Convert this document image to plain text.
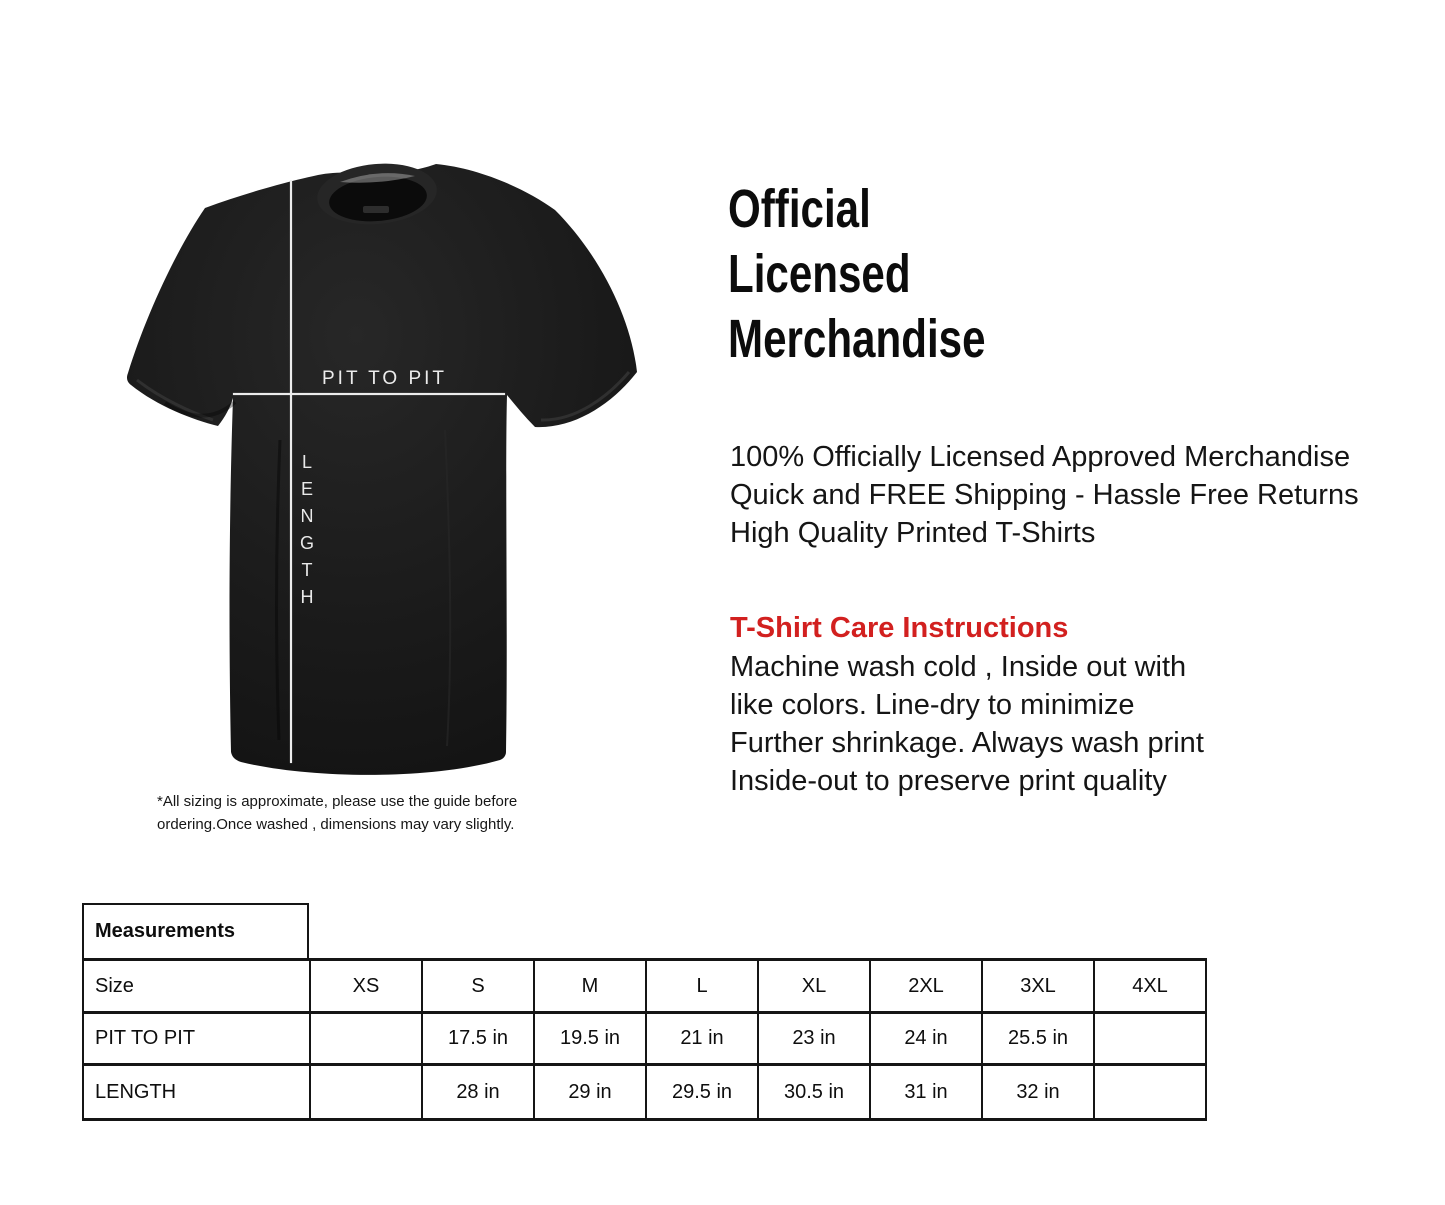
PIT TO PIT
LENGTH
Official
Licensed
Merchandise
100% Officially Licensed Approved Merchandise
Quick and FREE Shipping - Hassle Free Returns
High Quality Printed T-Shirts
T-Shirt Care Instructions
Machine wash cold , Inside out with
like colors. Line-dry to minimize
Further shrinkage. Always wash print
Inside-out to preserve print quality
*All sizing is approximate, please use the guide before ordering.Once washed , dimensions may vary slightly.
Measurements
Size	XS	S	M	L	XL	2XL	3XL	4XL
PIT TO PIT		17.5 in	19.5 in	21 in	23 in	24 in	25.5 in	
LENGTH		28 in	29 in	29.5 in	30.5 in	31 in	32 in	
